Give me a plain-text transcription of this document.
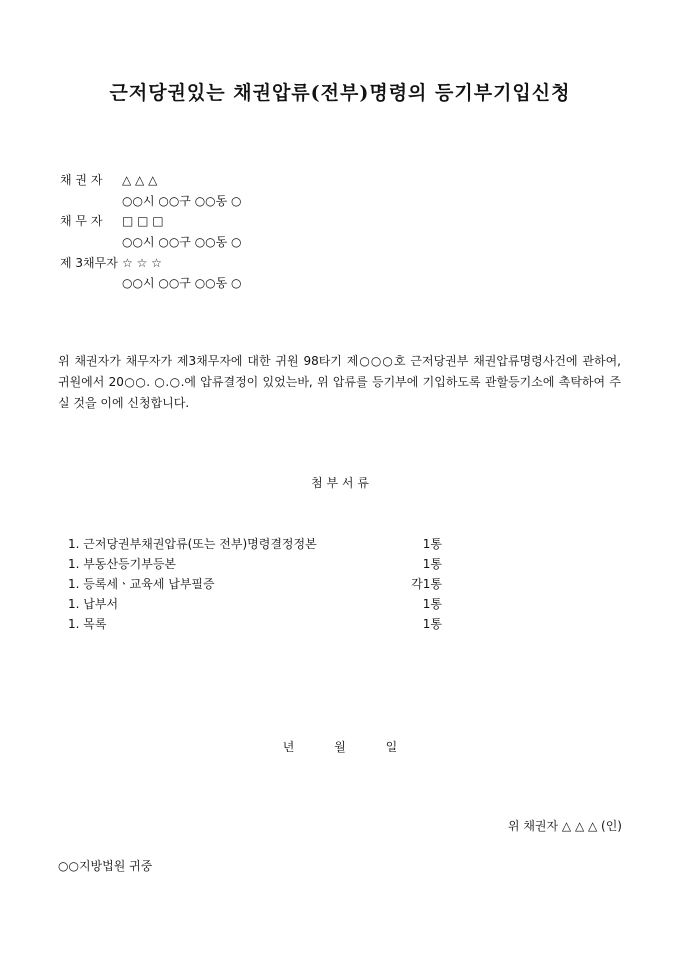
근저당권있는 채권압류(전부)명령의 등기부기입신청
채 권 자 △ △ △
○○시 ○○구 ○○동 ○
채 무 자 □ □ □
○○시 ○○구 ○○동 ○
제 3채무자 ☆ ☆ ☆
○○시 ○○구 ○○동 ○
위 채권자가 채무자가 제3채무자에 대한 귀원 98타기 제○○○호 근저당권부 채권압류명령사건에 관하여, 귀원에서 20○○. ○.○.에 압류결정이 있었는바, 위 압류를 등기부에 기입하도록 관할등기소에 촉탁하여 주실 것을 이에 신청합니다.
첨 부 서 류
1. 근저당권부채권압류(또는 전부)명령결정정본	1통
1. 부동산등기부등본	1통
1. 등록세ㆍ교육세 납부필증	각1통
1. 납부서	1통
1. 목록	1통
년	월	일
위 채권자 △ △ △ (인)
○○지방법원 귀중
